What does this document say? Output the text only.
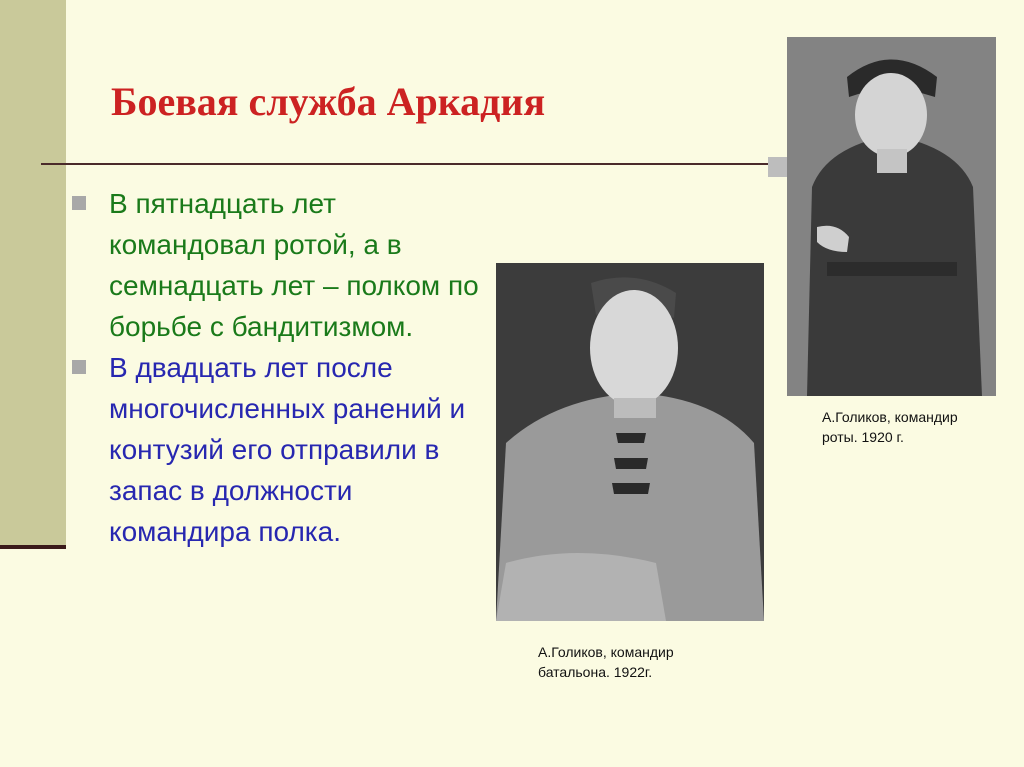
Боевая служба Аркадия
В пятнадцать лет командовал ротой, а в семнадцать лет – полком по борьбе с бандитизмом.
В двадцать лет после многочисленных ранений и контузий его отправили в запас в должности командира полка.

А.Голиков, командир
роты. 1920 г.

А.Голиков, командир
батальона. 1922г.
